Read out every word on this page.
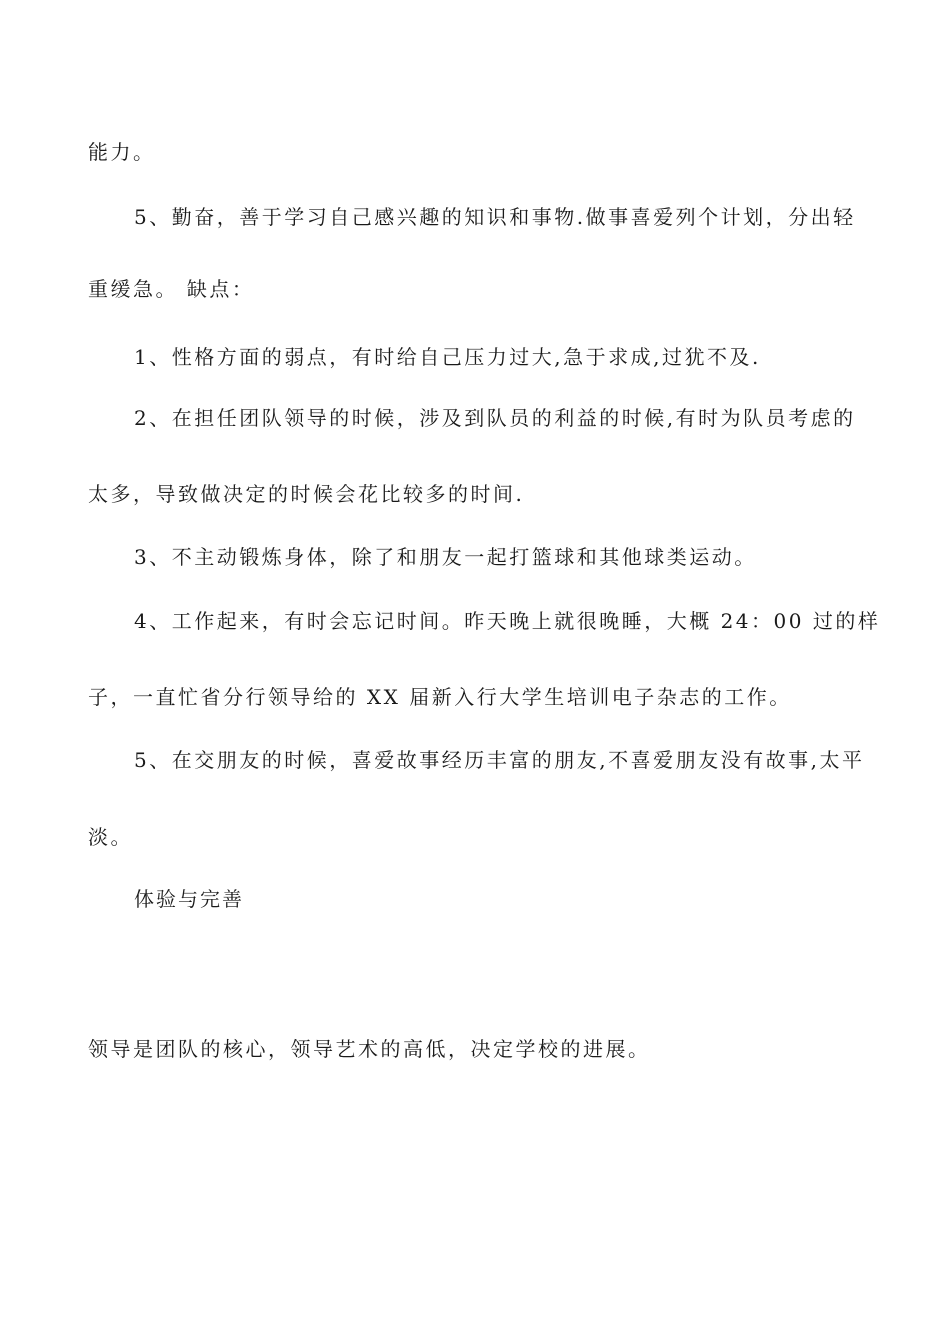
能力。
5、勤奋，善于学习自己感兴趣的知识和事物.做事喜爱列个计划，分出轻
重缓急。 缺点：
1、性格方面的弱点，有时给自己压力过大,急于求成,过犹不及.
2、在担任团队领导的时候，涉及到队员的利益的时候,有时为队员考虑的
太多，导致做决定的时候会花比较多的时间.
3、不主动锻炼身体，除了和朋友一起打篮球和其他球类运动。
4、工作起来，有时会忘记时间。昨天晚上就很晚睡，大概 24：00 过的样
子，一直忙省分行领导给的 XX 届新入行大学生培训电子杂志的工作。
5、在交朋友的时候，喜爱故事经历丰富的朋友,不喜爱朋友没有故事,太平
淡。
体验与完善
领导是团队的核心，领导艺术的高低，决定学校的进展。
